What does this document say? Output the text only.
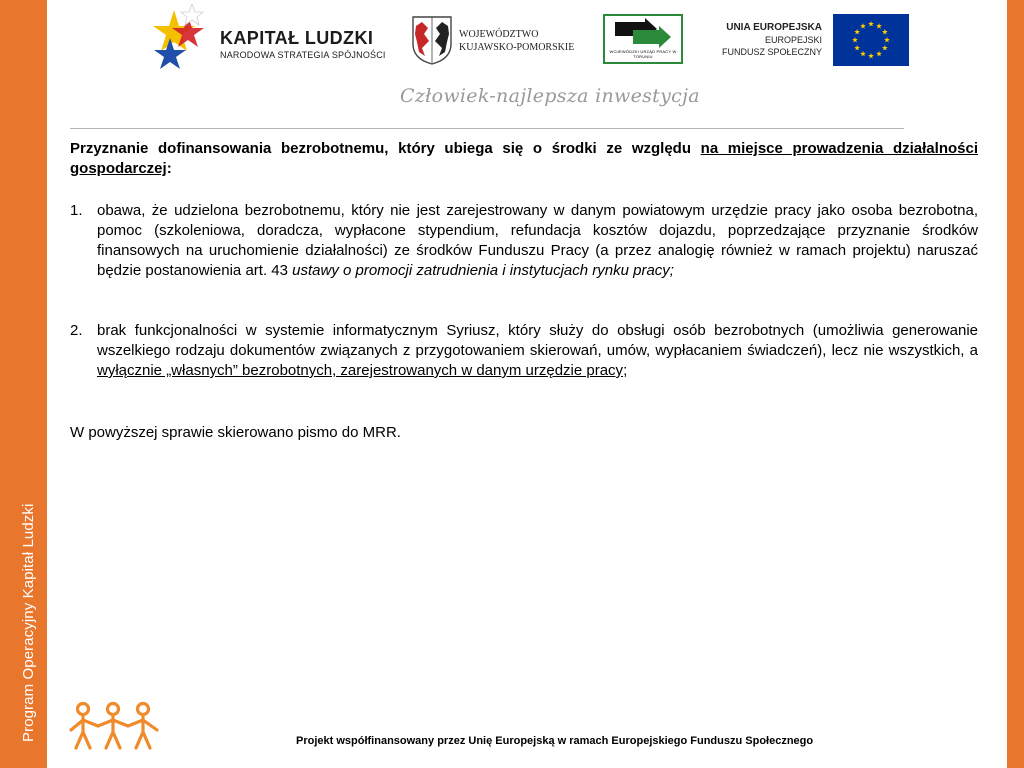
Program Operacyjny Kapitał Ludzki
KAPITAŁ LUDZKI
NARODOWA STRATEGIA SPÓJNOŚCI
WOJEWÓDZTWO
KUJAWSKO-POMORSKIE	WOJEWÓDZKI URZĄD PRACY W TORUNIU
UNIA EUROPEJSKA
EUROPEJSKI
FUNDUSZ SPOŁECZNY
Człowiek-najlepsza inwestycja

Przyznanie dofinansowania bezrobotnemu, który ubiega się o środki ze względu na miejsce prowadzenia działalności gospodarczej:

1. obawa, że udzielona bezrobotnemu, który nie jest zarejestrowany w danym powiatowym urzędzie pracy jako osoba bezrobotna, pomoc (szkoleniowa, doradcza, wypłacone stypendium, refundacja kosztów dojazdu, poprzedzające przyznanie środków finansowych na uruchomienie działalności) ze środków Funduszu Pracy (a przez analogię również w ramach projektu) naruszać będzie postanowienia art. 43 ustawy o promocji zatrudnienia i instytucjach rynku pracy;
2. brak funkcjonalności w systemie informatycznym Syriusz, który służy do obsługi osób bezrobotnych (umożliwia generowanie wszelkiego rodzaju dokumentów związanych z przygotowaniem skierowań, umów, wypłacaniem świadczeń), lecz nie wszystkich, a wyłącznie „własnych” bezrobotnych, zarejestrowanych w danym urzędzie pracy;

W powyższej sprawie skierowano pismo do MRR.

Projekt współfinansowany przez Unię Europejską w ramach Europejskiego Funduszu Społecznego
